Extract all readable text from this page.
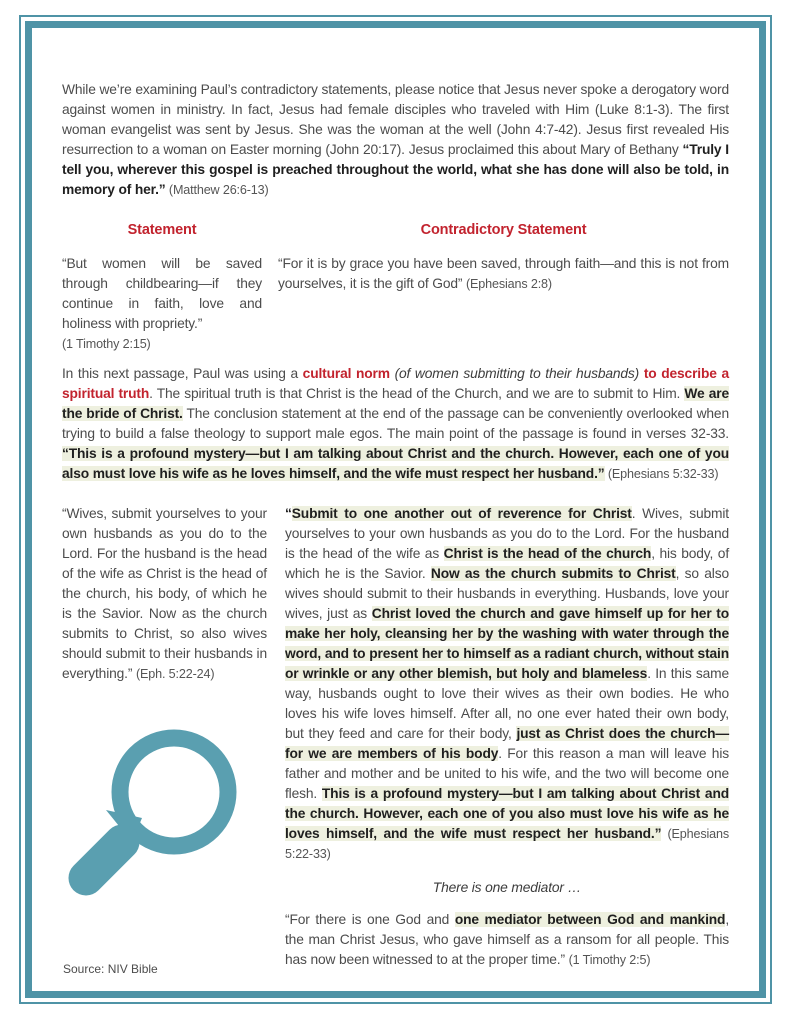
While we’re examining Paul’s contradictory statements, please notice that Jesus never spoke a derogatory word against women in ministry. In fact, Jesus had female disciples who traveled with Him (Luke 8:1-3). The first woman evangelist was sent by Jesus. She was the woman at the well (John 4:7-42). Jesus first revealed His resurrection to a woman on Easter morning (John 20:17). Jesus proclaimed this about Mary of Bethany “Truly I tell you, wherever this gospel is preached throughout the world, what she has done will also be told, in memory of her.” (Matthew 26:6-13)

Statement	Contradictory Statement

“But women will be saved through childbearing—if they continue in faith, love and holiness with propriety.”

(1 Timothy 2:15)

“For it is by grace you have been saved, through faith—and this is not from yourselves, it is the gift of God” (Ephesians 2:8)

In this next passage, Paul was using a cultural norm (of women submitting to their husbands) to describe a spiritual truth. The spiritual truth is that Christ is the head of the Church, and we are to submit to Him. We are the bride of Christ. The conclusion statement at the end of the passage can be conveniently overlooked when trying to build a false theology to support male egos. The main point of the passage is found in verses 32-33. “This is a profound mystery—but I am talking about Christ and the church. However, each one of you also must love his wife as he loves himself, and the wife must respect her husband.” (Ephesians 5:32-33)

“Wives, submit yourselves to your own husbands as you do to the Lord. For the husband is the head of the wife as Christ is the head of the church, his body, of which he is the Savior. Now as the church submits to Christ, so also wives should submit to their husbands in everything.” (Eph. 5:22-24)

“Submit to one another out of reverence for Christ. Wives, submit yourselves to your own husbands as you do to the Lord. For the husband is the head of the wife as Christ is the head of the church, his body, of which he is the Savior. Now as the church submits to Christ, so also wives should submit to their husbands in everything. Husbands, love your wives, just as Christ loved the church and gave himself up for her to make her holy, cleansing her by the washing with water through the word, and to present her to himself as a radiant church, without stain or wrinkle or any other blemish, but holy and blameless. In this same way, husbands ought to love their wives as their own bodies. He who loves his wife loves himself. After all, no one ever hated their own body, but they feed and care for their body, just as Christ does the church—for we are members of his body. For this reason a man will leave his father and mother and be united to his wife, and the two will become one flesh. This is a profound mystery—but I am talking about Christ and the church. However, each one of you also must love his wife as he loves himself, and the wife must respect her husband.” (Ephesians 5:22-33)

There is one mediator …

“For there is one God and one mediator between God and mankind, the man Christ Jesus, who gave himself as a ransom for all people. This has now been witnessed to at the proper time.” (1 Timothy 2:5)

Source: NIV Bible
